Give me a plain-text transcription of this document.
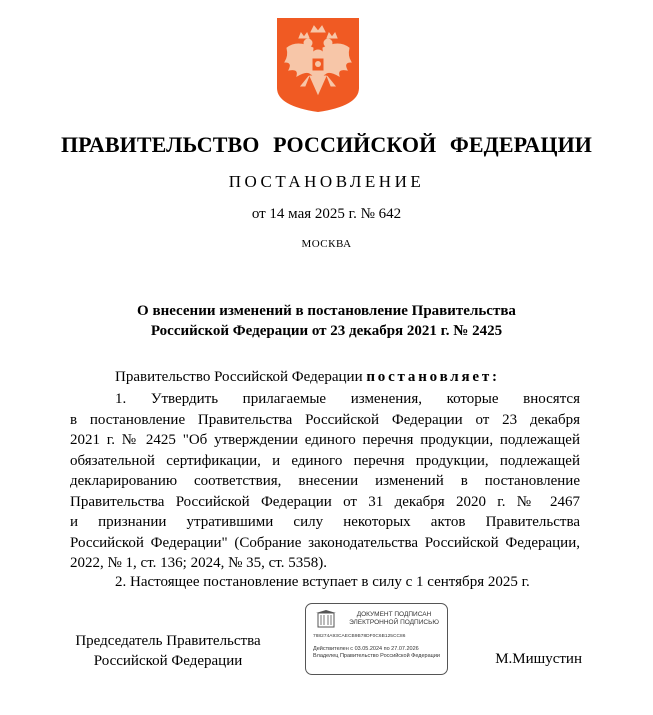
ПРАВИТЕЛЬСТВО РОССИЙСКОЙ ФЕДЕРАЦИИ
ПОСТАНОВЛЕНИЕ
от 14 мая 2025 г. № 642
МОСКВА
О внесении изменений в постановление Правительства
Российской Федерации от 23 декабря 2021 г. № 2425
Правительство Российской Федерации постановляет:
1. Утвердить прилагаемые изменения, которые вносятся
в постановление Правительства Российской Федерации от 23 декабря
2021 г. № 2425 "Об утверждении единого перечня продукции, подлежащей
обязательной сертификации, и единого перечня продукции, подлежащей
декларированию соответствия, внесении изменений в постановление
Правительства Российской Федерации от 31 декабря 2020 г. № 2467
и признании утратившими силу некоторых актов Правительства
Российской Федерации" (Собрание законодательства Российской Федерации,
2022, № 1, ст. 136; 2024, № 35, ст. 5358).
2. Настоящее постановление вступает в силу с 1 сентября 2025 г.
Председатель Правительства
Российской Федерации
ДОКУМЕНТ ПОДПИСАН
ЭЛЕКТРОННОЙ ПОДПИСЬЮ
788274A93CAECB9B78DF0C6B125CC86
Действителен с 03.05.2024 по 27.07.2026
Владелец Правительство Российской Федерации	М.Мишустин
